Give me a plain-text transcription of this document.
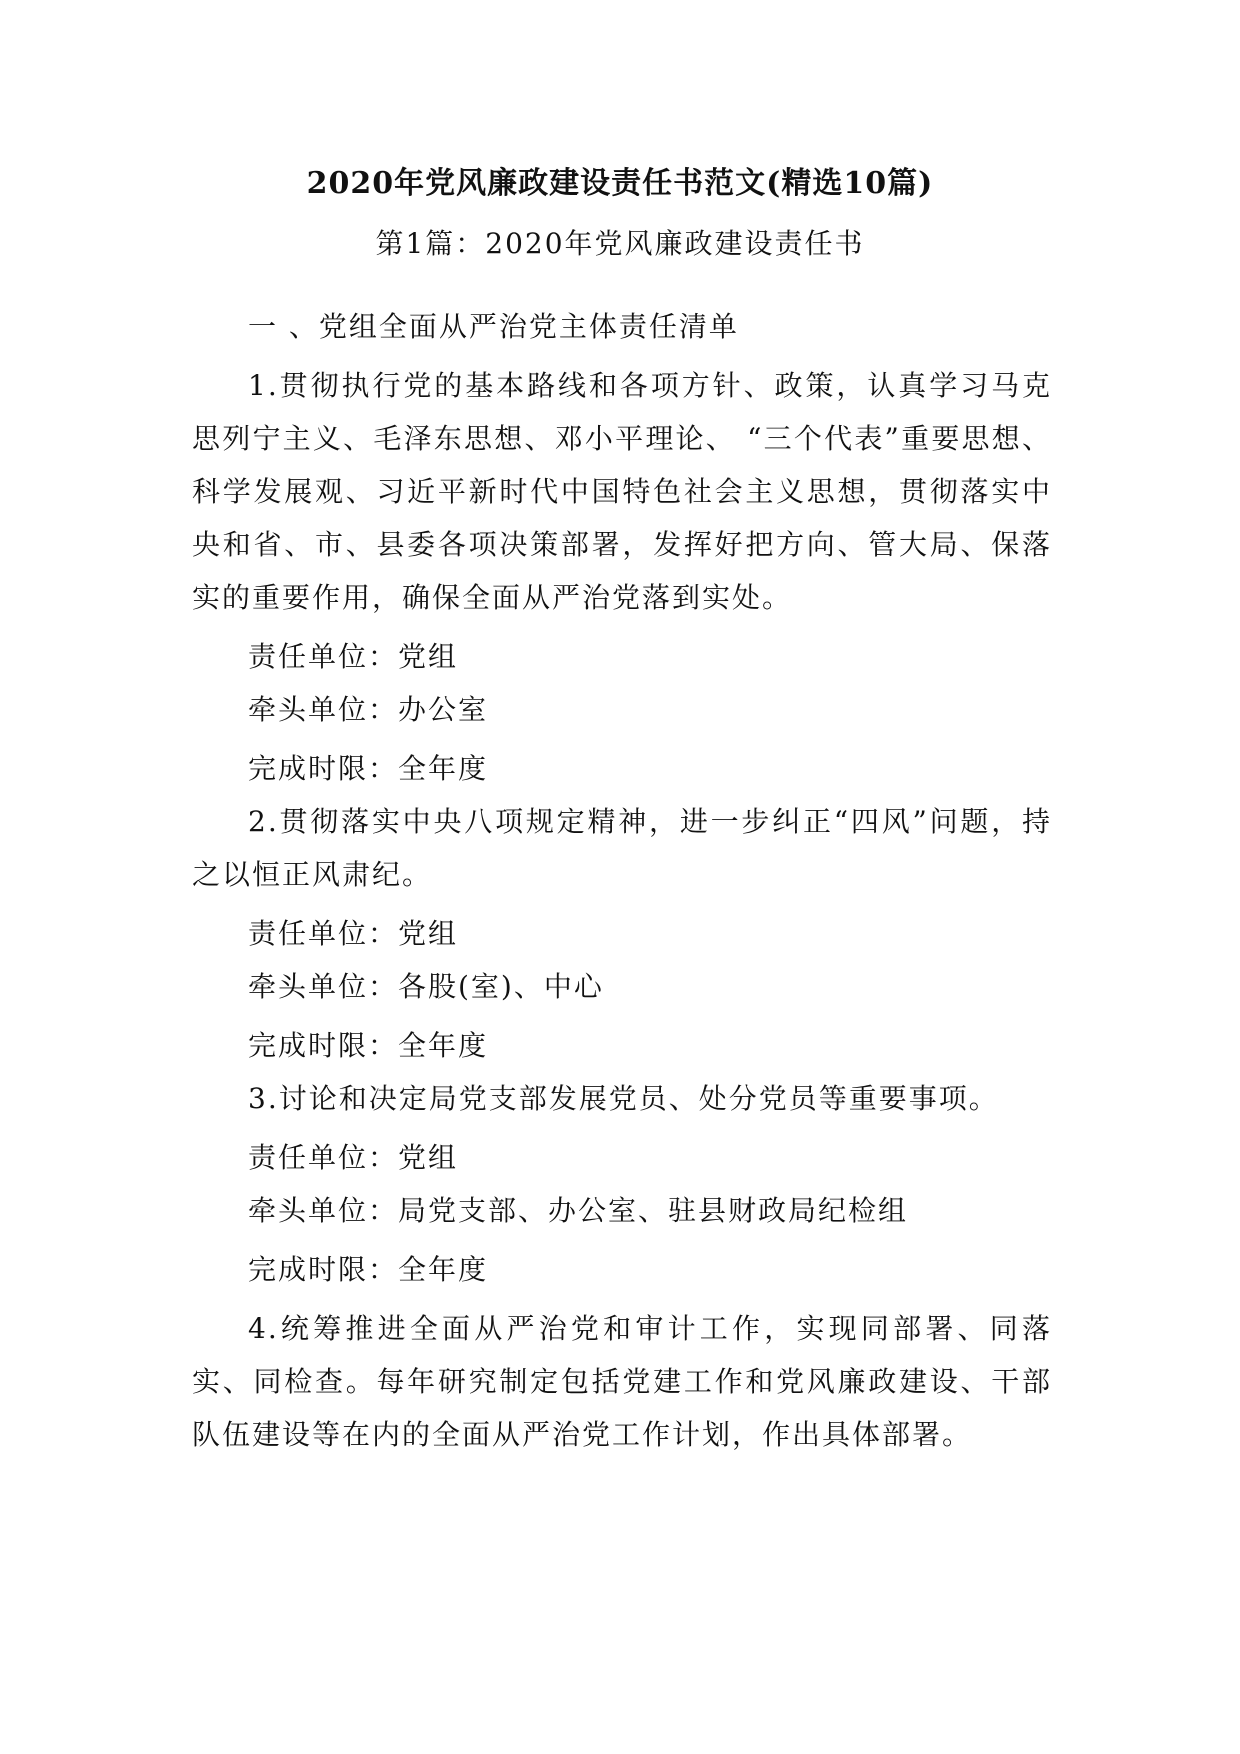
2020年党风廉政建设责任书范文(精选10篇)
第1篇：2020年党风廉政建设责任书

一 、党组全面从严治党主体责任清单

1.贯彻执行党的基本路线和各项方针、政策，认真学习马克思列宁主义、毛泽东思想、邓小平理论、 “三个代表”重要思想、科学发展观、习近平新时代中国特色社会主义思想，贯彻落实中央和省、市、县委各项决策部署，发挥好把方向、管大局、保落实的重要作用，确保全面从严治党落到实处。

责任单位：党组

牵头单位：办公室

完成时限：全年度

2.贯彻落实中央八项规定精神，进一步纠正“四风”问题，持之以恒正风肃纪。

责任单位：党组

牵头单位：各股(室)、中心

完成时限：全年度

3.讨论和决定局党支部发展党员、处分党员等重要事项。

责任单位：党组

牵头单位：局党支部、办公室、驻县财政局纪检组

完成时限：全年度

4.统筹推进全面从严治党和审计工作，实现同部署、同落实、同检查。每年研究制定包括党建工作和党风廉政建设、干部队伍建设等在内的全面从严治党工作计划，作出具体部署。
